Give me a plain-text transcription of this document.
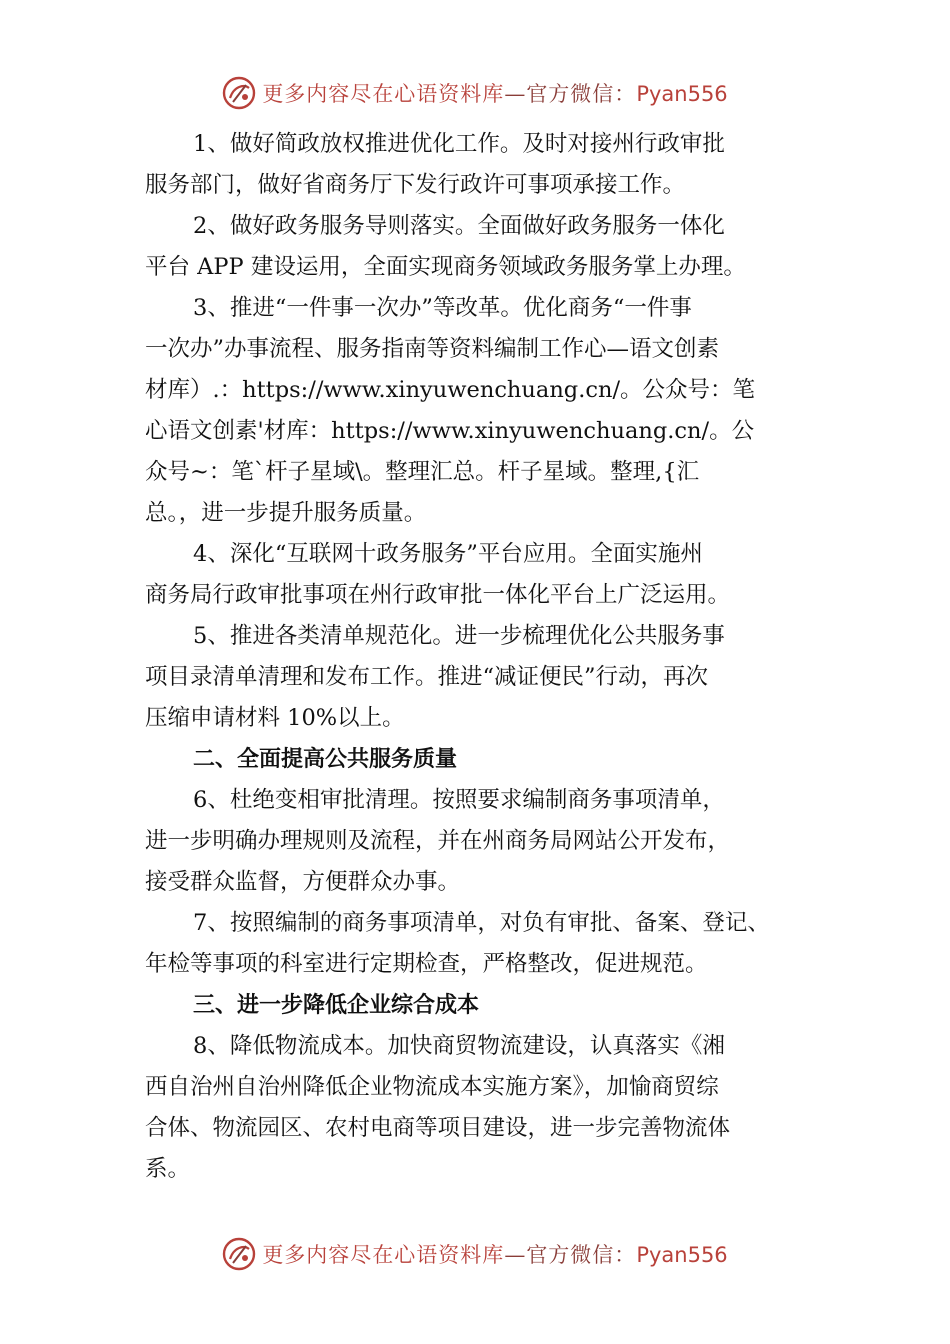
更多内容尽在心语资料库—官方微信：Pyan556
1、做好简政放权推进优化工作。及时对接州行政审批
服务部门，做好省商务厅下发行政许可事项承接工作。
2、做好政务服务导则落实。全面做好政务服务一体化
平台 APP 建设运用，全面实现商务领域政务服务掌上办理。
3、推进“一件事一次办”等改革。优化商务“一件事
一次办”办事流程、服务指南等资料编制工作心—语文创素
材库）.：https://www.xinyuwenchuang.cn/。公众号：笔
心语文创素'材库：https://www.xinyuwenchuang.cn/。公
众号~：笔`杆子星域\。整理汇总。杆子星域。整理,{汇
总。，进一步提升服务质量。
4、深化“互联网十政务服务”平台应用。全面实施州
商务局行政审批事项在州行政审批一体化平台上广泛运用。
5、推进各类清单规范化。进一步梳理优化公共服务事
项目录清单清理和发布工作。推进“减证便民”行动，再次
压缩申请材料 10%以上。
二、全面提高公共服务质量
6、杜绝变相审批清理。按照要求编制商务事项清单，
进一步明确办理规则及流程，并在州商务局网站公开发布，
接受群众监督，方便群众办事。
7、按照编制的商务事项清单，对负有审批、备案、登记、
年检等事项的科室进行定期检查，严格整改，促进规范。
三、进一步降低企业综合成本
8、降低物流成本。加快商贸物流建设，认真落实《湘
西自治州自治州降低企业物流成本实施方案》，加愉商贸综
合体、物流园区、农村电商等项目建设，进一步完善物流体
系。
更多内容尽在心语资料库—官方微信：Pyan556
